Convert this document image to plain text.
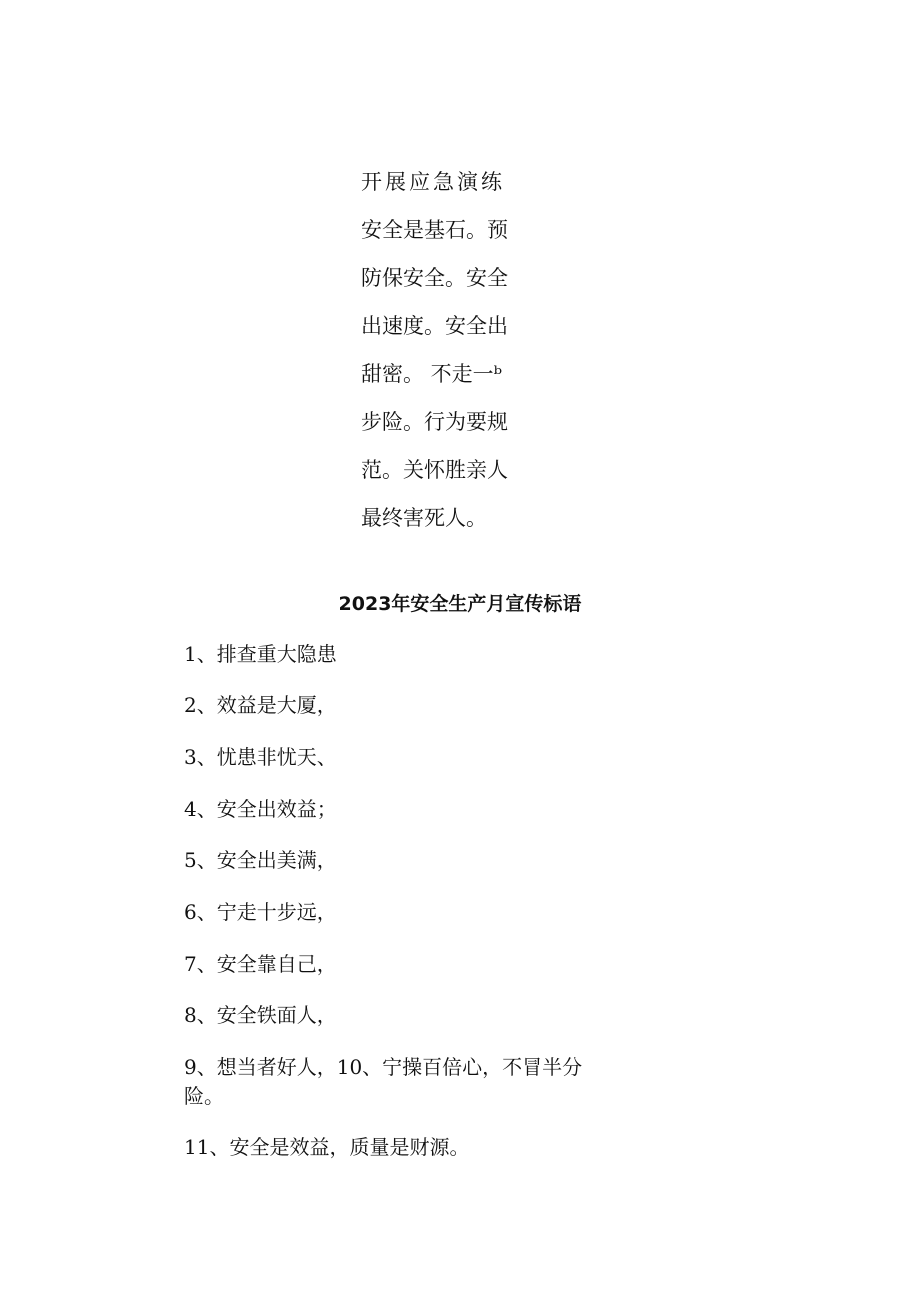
开展应急演练
安全是基石。预
防保安全。安全
出速度。安全出
甜密。 不走一ᵇ
步险。行为要规
范。关怀胜亲人
最终害死人。
2023年安全生产月宣传标语
1、排查重大隐患
2、效益是大厦，
3、忧患非忧天、
4、安全出效益；
5、安全出美满，
6、宁走十步远，
7、安全靠自己，
8、安全铁面人，
9、想当者好人，10、宁操百倍心，不冒半分险。
11、安全是效益，质量是财源。
